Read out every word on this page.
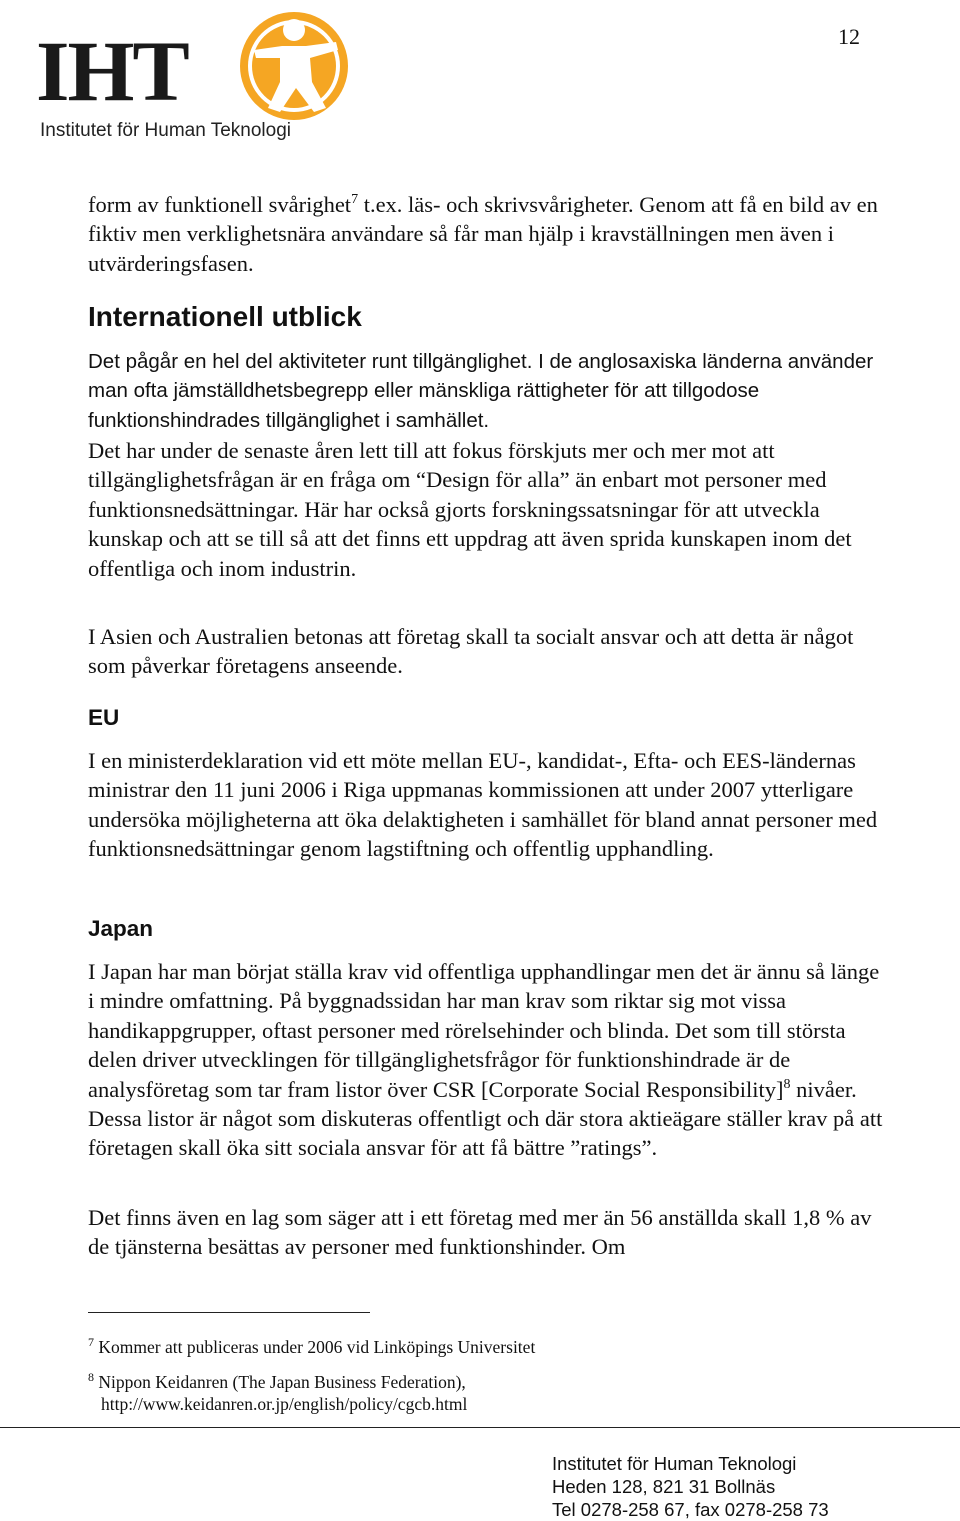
12
IHT
Institutet för Human Teknologi

form av funktionell svårighet$^7$ t.ex. läs- och skrivsvårigheter. Genom att få en bild av en fiktiv men verklighetsnära användare så får man hjälp i kravställningen men även i utvärderingsfasen.

Internationell utblick
Det pågår en hel del aktiviteter runt tillgänglighet. I de anglosaxiska länderna använder man ofta jämställdhetsbegrepp eller mänskliga rättigheter för att tillgodose funktionshindrades tillgänglighet i samhället.
Det har under de senaste åren lett till att fokus förskjuts mer och mer mot att tillgänglighetsfrågan är en fråga om “Design för alla” än enbart mot personer med funktionsnedsättningar. Här har också gjorts forskningssatsningar för att utveckla kunskap och att se till så att det finns ett uppdrag att även sprida kunskapen inom det offentliga och inom industrin.
I Asien och Australien betonas att företag skall ta socialt ansvar och att detta är något som påverkar företagens anseende.
EU
I en ministerdeklaration vid ett möte mellan EU-, kandidat-, Efta- och EES-ländernas ministrar den 11 juni 2006 i Riga uppmanas kommissionen att under 2007 ytterligare undersöka möjligheterna att öka delaktigheten i samhället för bland annat personer med funktionsnedsättningar genom lagstiftning och offentlig upphandling.
Japan

I Japan har man börjat ställa krav vid offentliga upphandlingar men det är ännu så länge i mindre omfattning. På byggnadssidan har man krav som riktar sig mot vissa handikappgrupper, oftast personer med rörelsehinder och blinda. Det som till största delen driver utvecklingen för tillgänglighetsfrågor för funktionshindrade är de analysföretag som tar fram listor över CSR [Corporate Social Responsibility]$^8$ nivåer. Dessa listor är något som diskuteras offentligt och där stora aktieägare ställer krav på att företagen skall öka sitt sociala ansvar för att få bättre ”ratings”.

Det finns även en lag som säger att i ett företag med mer än 56 anställda skall 1,8 % av de tjänsterna besättas av personer med funktionshinder. Om
$^7$ Kommer att publiceras under 2006 vid Linköpings Universitet
$^8$ Nippon Keidanren (The Japan Business Federation),
http://www.keidanren.or.jp/english/policy/cgcb.html
Institutet för Human Teknologi
Heden 128, 821 31 Bollnäs
Tel 0278-258 67, fax 0278-258 73
